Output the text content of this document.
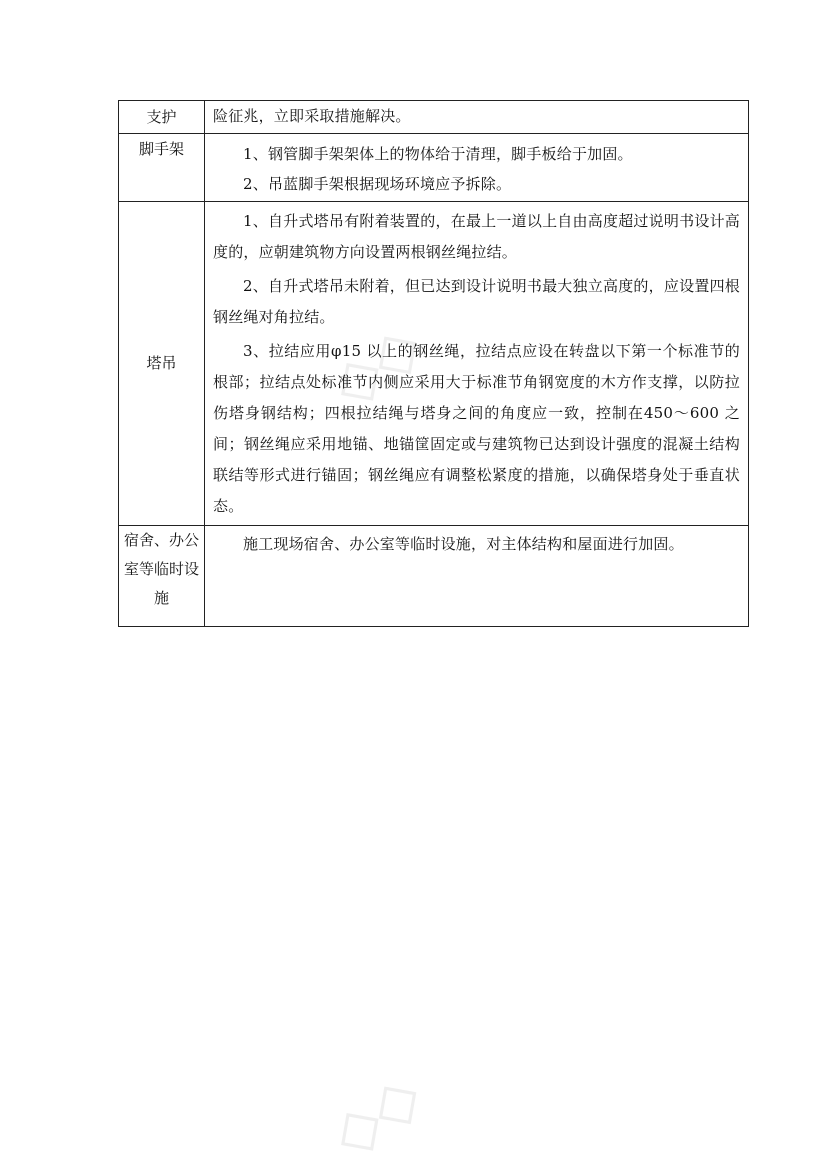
◇◇
◇◇
支护	险征兆，立即采取措施解决。

脚手架	1、钢管脚手架架体上的物体给于清理，脚手板给于加固。

2、吊蓝脚手架根据现场环境应予拆除。

塔吊

1、自升式塔吊有附着装置的，在最上一道以上自由高度超过说明书设计高度的，应朝建筑物方向设置两根钢丝绳拉结。

2、自升式塔吊未附着，但已达到设计说明书最大独立高度的，应设置四根钢丝绳对角拉结。

3、拉结应用φ15 以上的钢丝绳，拉结点应设在转盘以下第一个标准节的根部；拉结点处标准节内侧应采用大于标准节角钢宽度的木方作支撑，以防拉伤塔身钢结构；四根拉结绳与塔身之间的角度应一致，控制在450～600 之间；钢丝绳应采用地锚、地锚筐固定或与建筑物已达到设计强度的混凝土结构联结等形式进行锚固；钢丝绳应有调整松紧度的措施，以确保塔身处于垂直状态。

宿舍、办公室等临时设施

施工现场宿舍、办公室等临时设施，对主体结构和屋面进行加固。
